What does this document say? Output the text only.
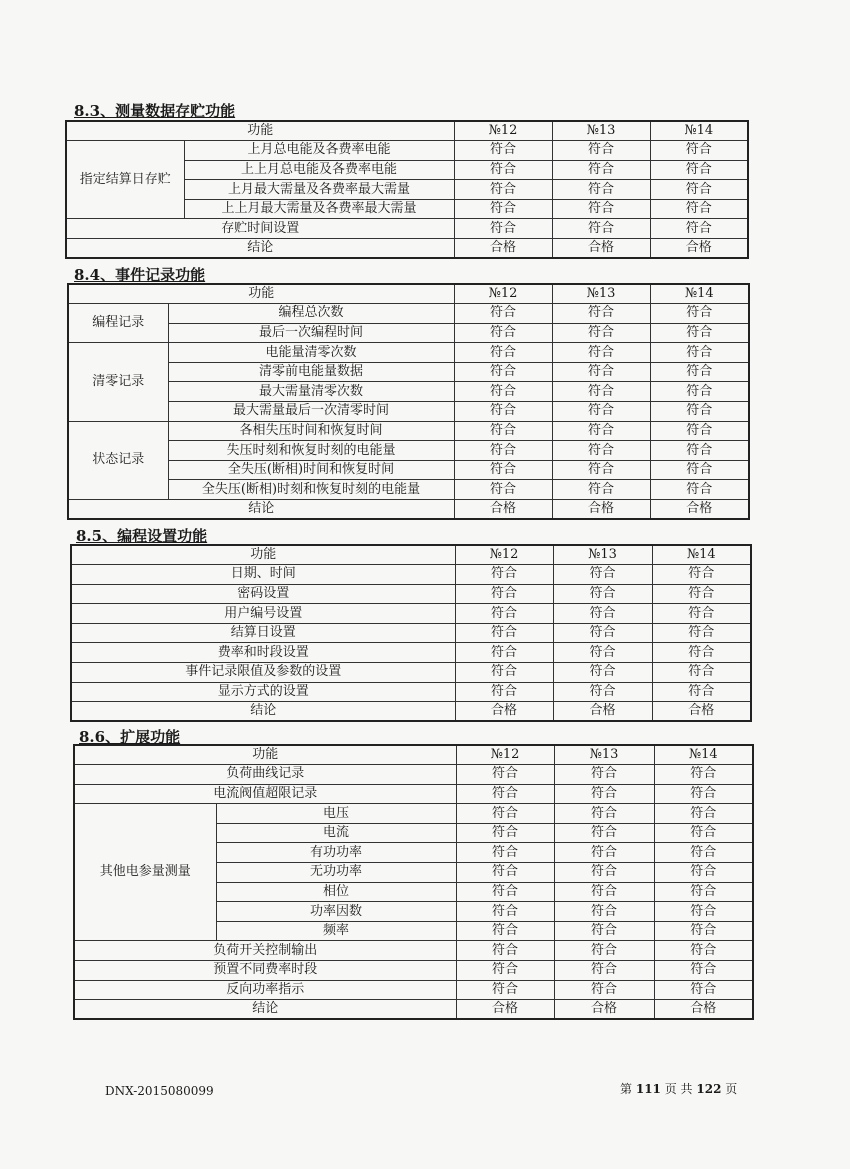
8.3、测量数据存贮功能
功能		№12	№13	№14
指定结算日存贮	上月总电能及各费率电能	符合	符合	符合
	上上月总电能及各费率电能	符合	符合	符合
	上月最大需量及各费率最大需量	符合	符合	符合
	上上月最大需量及各费率最大需量	符合	符合	符合
存贮时间设置		符合	符合	符合
结论		合格	合格	合格
8.4、事件记录功能
功能		№12	№13	№14
编程记录	编程总次数	符合	符合	符合
	最后一次编程时间	符合	符合	符合
清零记录	电能量清零次数	符合	符合	符合
	清零前电能量数据	符合	符合	符合
	最大需量清零次数	符合	符合	符合
	最大需量最后一次清零时间	符合	符合	符合
状态记录	各相失压时间和恢复时间	符合	符合	符合
	失压时刻和恢复时刻的电能量	符合	符合	符合
	全失压(断相)时间和恢复时间	符合	符合	符合
	全失压(断相)时刻和恢复时刻的电能量	符合	符合	符合
结论		合格	合格	合格
8.5、编程设置功能
功能	№12	№13	№14
日期、时间	符合	符合	符合
密码设置	符合	符合	符合
用户编号设置	符合	符合	符合
结算日设置	符合	符合	符合
费率和时段设置	符合	符合	符合
事件记录限值及参数的设置	符合	符合	符合
显示方式的设置	符合	符合	符合
结论	合格	合格	合格
8.6、扩展功能
功能		№12	№13	№14
负荷曲线记录		符合	符合	符合
电流阀值超限记录		符合	符合	符合
其他电参量测量	电压	符合	符合	符合
	电流	符合	符合	符合
	有功功率	符合	符合	符合
	无功功率	符合	符合	符合
	相位	符合	符合	符合
	功率因数	符合	符合	符合
	频率	符合	符合	符合
负荷开关控制输出		符合	符合	符合
预置不同费率时段		符合	符合	符合
反向功率指示		符合	符合	符合
结论		合格	合格	合格
DNX-2015080099	第 111 页 共 122 页
